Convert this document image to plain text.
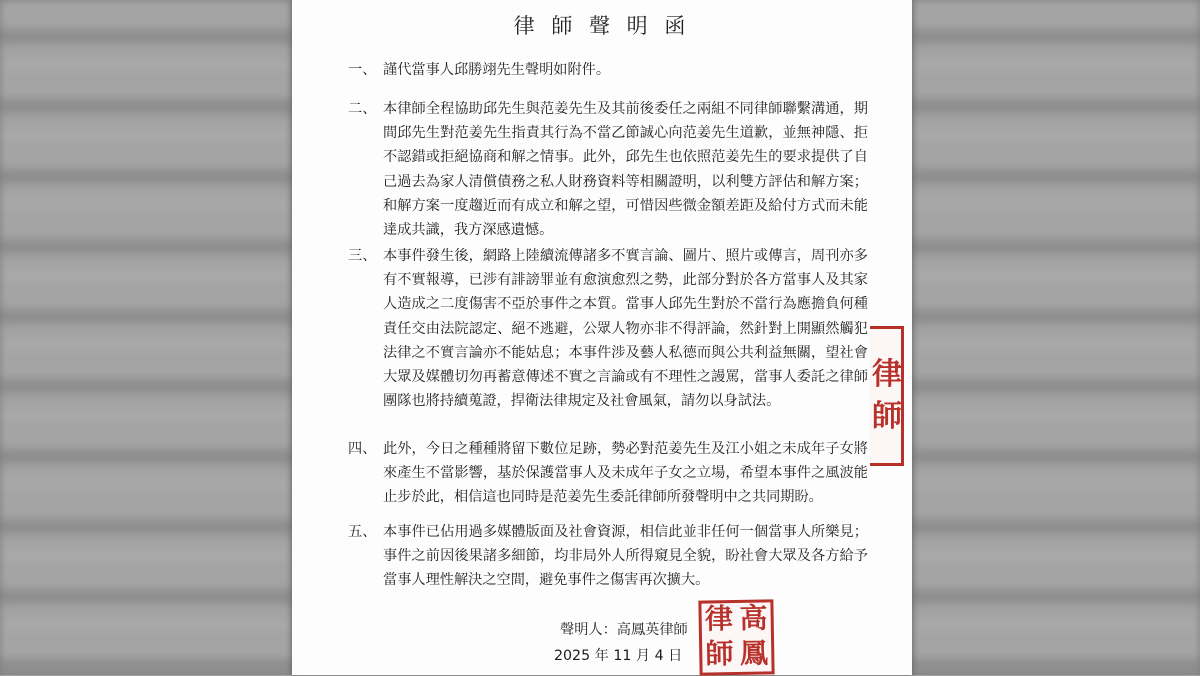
律 師 聲 明 函
一、 謹代當事人邱勝翊先生聲明如附件。
二、 本律師全程協助邱先生與范姜先生及其前後委任之兩組不同律師聯繫溝通，期間邱先生對范姜先生指責其行為不當乙節誠心向范姜先生道歉，並無神隱、拒不認錯或拒絕協商和解之情事。此外，邱先生也依照范姜先生的要求提供了自己過去為家人清償債務之私人財務資料等相關證明，以利雙方評估和解方案；和解方案一度趨近而有成立和解之望，可惜因些微金額差距及給付方式而未能達成共識，我方深感遺憾。
三、 本事件發生後，網路上陸續流傳諸多不實言論、圖片、照片或傳言，周刊亦多有不實報導，已涉有誹謗罪並有愈演愈烈之勢，此部分對於各方當事人及其家人造成之二度傷害不亞於事件之本質。當事人邱先生對於不當行為應擔負何種責任交由法院認定、絕不逃避，公眾人物亦非不得評論，然針對上開顯然觸犯法律之不實言論亦不能姑息；本事件涉及藝人私德而與公共利益無關，望社會大眾及媒體切勿再蓄意傳述不實之言論或有不理性之謾罵，當事人委託之律師團隊也將持續蒐證，捍衛法律規定及社會風氣，請勿以身試法。
四、 此外，今日之種種將留下數位足跡，勢必對范姜先生及江小姐之未成年子女將來產生不當影響，基於保護當事人及未成年子女之立場，希望本事件之風波能止步於此，相信這也同時是范姜先生委託律師所發聲明中之共同期盼。
五、 本事件已佔用過多媒體版面及社會資源，相信此並非任何一個當事人所樂見；事件之前因後果諸多細節，均非局外人所得窺見全貌，盼社會大眾及各方給予當事人理性解決之空間，避免事件之傷害再次擴大。
聲明人：高鳳英律師
2025 年 11 月 4 日
律 高
師 鳳
律
師
